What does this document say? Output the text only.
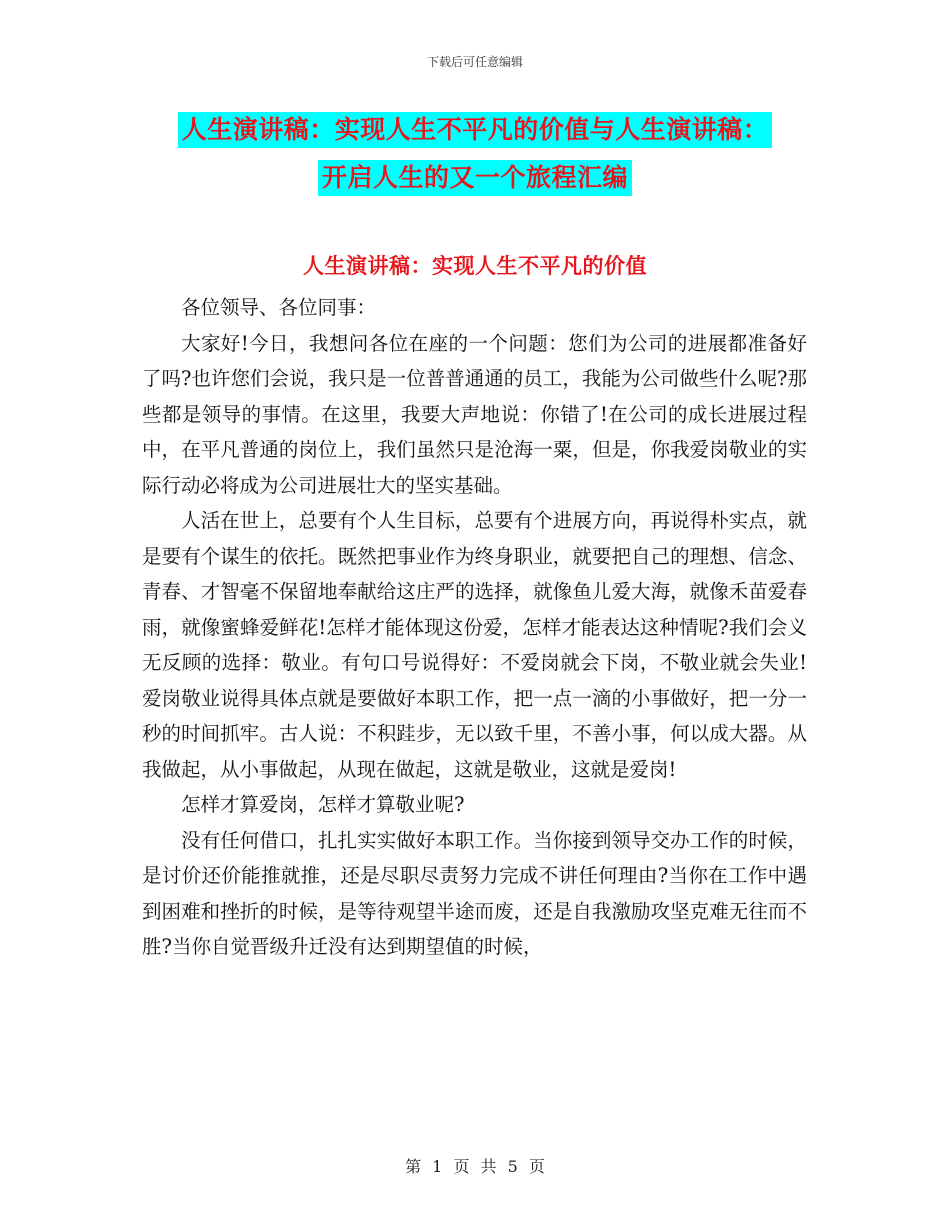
下载后可任意编辑
人生演讲稿：实现人生不平凡的价值与人生演讲稿：
开启人生的又一个旅程汇编
人生演讲稿：实现人生不平凡的价值

各位领导、各位同事：

大家好!今日，我想问各位在座的一个问题：您们为公司的进展都准备好了吗?也许您们会说，我只是一位普普通通的员工，我能为公司做些什么呢?那些都是领导的事情。在这里，我要大声地说：你错了!在公司的成长进展过程中，在平凡普通的岗位上，我们虽然只是沧海一粟，但是，你我爱岗敬业的实际行动必将成为公司进展壮大的坚实基础。

人活在世上，总要有个人生目标，总要有个进展方向，再说得朴实点，就是要有个谋生的依托。既然把事业作为终身职业，就要把自己的理想、信念、青春、才智毫不保留地奉献给这庄严的选择，就像鱼儿爱大海，就像禾苗爱春雨，就像蜜蜂爱鲜花!怎样才能体现这份爱，怎样才能表达这种情呢?我们会义无反顾的选择：敬业。有句口号说得好：不爱岗就会下岗，不敬业就会失业!爱岗敬业说得具体点就是要做好本职工作，把一点一滴的小事做好，把一分一秒的时间抓牢。古人说：不积跬步，无以致千里，不善小事，何以成大器。从我做起，从小事做起，从现在做起，这就是敬业，这就是爱岗!

怎样才算爱岗，怎样才算敬业呢?

没有任何借口，扎扎实实做好本职工作。当你接到领导交办工作的时候，是讨价还价能推就推，还是尽职尽责努力完成不讲任何理由?当你在工作中遇到困难和挫折的时候，是等待观望半途而废，还是自我激励攻坚克难无往而不胜?当你自觉晋级升迁没有达到期望值的时候，

第 1 页 共 5 页
